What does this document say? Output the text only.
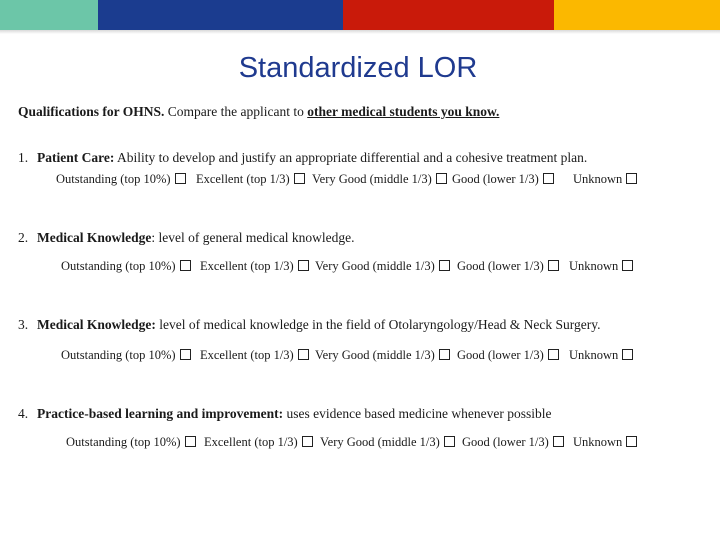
Standardized LOR
Qualifications for OHNS. Compare the applicant to other medical students you know.
1. Patient Care: Ability to develop and justify an appropriate differential and a cohesive treatment plan.
Outstanding (top 10%)	Excellent (top 1/3)	Very Good (middle 1/3)	Good (lower 1/3)	Unknown
2. Medical Knowledge: level of general medical knowledge.
Outstanding (top 10%)	Excellent (top 1/3)	Very Good (middle 1/3)	Good (lower 1/3)	Unknown
3. Medical Knowledge: level of medical knowledge in the field of Otolaryngology/Head & Neck Surgery.
Outstanding (top 10%)	Excellent (top 1/3)	Very Good (middle 1/3)	Good (lower 1/3)	Unknown
4. Practice-based learning and improvement: uses evidence based medicine whenever possible
Outstanding (top 10%)	Excellent (top 1/3)	Very Good (middle 1/3)	Good (lower 1/3)	Unknown
